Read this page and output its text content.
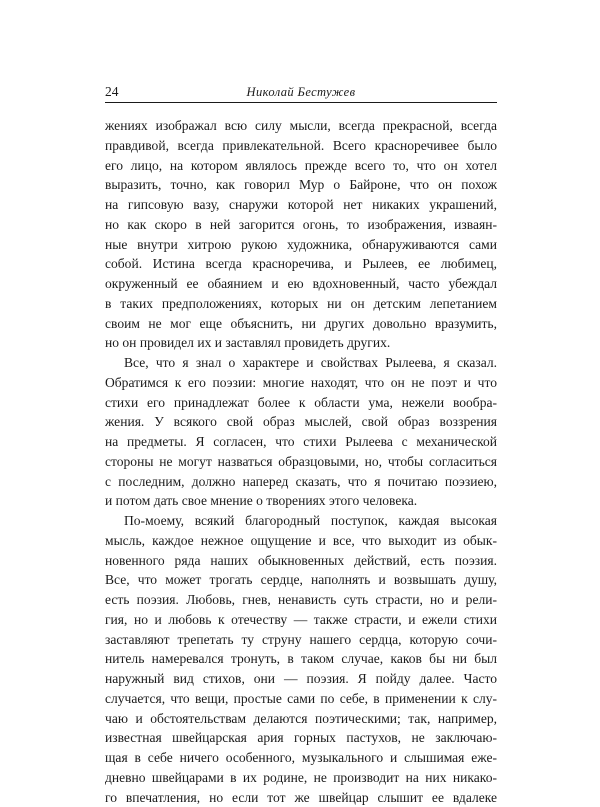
24	Николай Бестужев

жениях изображал всю силу мысли, всегда прекрасной, всегда

правдивой, всегда привлекательной. Всего красноречивее было

его лицо, на котором являлось прежде всего то, что он хотел

выразить, точно, как говорил Мур о Байроне, что он похож

на гипсовую вазу, снаружи которой нет никаких украшений,

но как скоро в ней загорится огонь, то изображения, изваян-

ные внутри хитрою рукою художника, обнаруживаются сами

собой. Истина всегда красноречива, и Рылеев, ее любимец,

окруженный ее обаянием и ею вдохновенный, часто убеждал

в таких предположениях, которых ни он детским лепетанием

своим не мог еще объяснить, ни других довольно вразумить,

но он провидел их и заставлял провидеть других.

Все, что я знал о характере и свойствах Рылеева, я сказал.

Обратимся к его поэзии: многие находят, что он не поэт и что

стихи его принадлежат более к области ума, нежели вообра-

жения. У всякого свой образ мыслей, свой образ воззрения

на предметы. Я согласен, что стихи Рылеева с механической

стороны не могут назваться образцовыми, но, чтобы согласиться

с последним, должно наперед сказать, что я почитаю поэзиею,

и потом дать свое мнение о творениях этого человека.

По-моему, всякий благородный поступок, каждая высокая

мысль, каждое нежное ощущение и все, что выходит из обык-

новенного ряда наших обыкновенных действий, есть поэзия.

Все, что может трогать сердце, наполнять и возвышать душу,

есть поэзия. Любовь, гнев, ненависть суть страсти, но и рели-

гия, но и любовь к отечеству — также страсти, и ежели стихи

заставляют трепетать ту струну нашего сердца, которую сочи-

нитель намеревался тронуть, в таком случае, каков бы ни был

наружный вид стихов, они — поэзия. Я пойду далее. Часто

случается, что вещи, простые сами по себе, в применении к слу-

чаю и обстоятельствам делаются поэтическими; так, например,

известная швейцарская ария горных пастухов, не заключаю-

щая в себе ничего особенного, музыкального и слышимая еже-

дневно швейцарами в их родине, не производит на них никако-

го впечатления, но если тот же швейцар слышит ее вдалеке
